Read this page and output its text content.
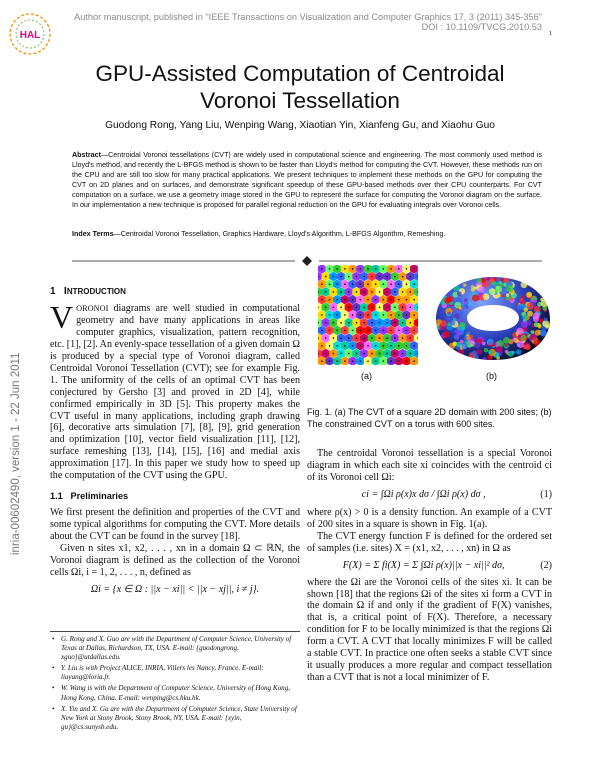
HAL
Author manuscript, published in "IEEE Transactions on Visualization and Computer Graphics 17, 3 (2011) 345-356"
DOI : 10.1109/TVCG.2010.53
1
GPU-Assisted Computation of Centroidal
Voronoi Tessellation
Guodong Rong, Yang Liu, Wenping Wang, Xiaotian Yin, Xianfeng Gu, and Xiaohu Guo
Abstract—Centroidal Voronoi tessellations (CVT) are widely used in computational science and engineering. The most commonly used method is Lloyd's method, and recently the L-BFGS method is shown to be faster than Lloyd's method for computing the CVT. However, these methods run on the CPU and are still too slow for many practical applications. We present techniques to implement these methods on the GPU for computing the CVT on 2D planes and on surfaces, and demonstrate significant speedup of these GPU-based methods over their CPU counterparts. For CVT computation on a surface, we use a geometry image stored in the GPU to represent the surface for computing the Voronoi diagram on the surface. In our implementation a new technique is proposed for parallel regional reduction on the GPU for evaluating integrals over Voronoi cells.
Index Terms—Centroidal Voronoi Tessellation, Graphics Hardware, Lloyd's Algorithm, L-BFGS Algorithm, Remeshing.
inria-00602490, version 1 - 22 Jun 2011
1 INTRODUCTION

VORONOI diagrams are well studied in computational geometry and have many applications in areas like computer graphics, visualization, pattern recognition, etc. [1], [2]. An evenly-space tessellation of a given domain Ω is produced by a special type of Voronoi diagram, called Centroidal Voronoi Tessellation (CVT); see for example Fig. 1. The uniformity of the cells of an optimal CVT has been conjectured by Gersho [3] and proved in 2D [4], while confirmed empirically in 3D [5]. This property makes the CVT useful in many applications, including graph drawing [6], decorative arts simulation [7], [8], [9], grid generation and optimization [10], vector field visualization [11], [12], surface remeshing [13], [14], [15], [16] and medial axis approximation [17]. In this paper we study how to speed up the computation of the CVT using the GPU.

1.1 Preliminaries

We first present the definition and properties of the CVT and some typical algorithms for computing the CVT. More details about the CVT can be found in the survey [18].

Given n sites x1, x2, . . . , xn in a domain Ω ⊂ ℝN, the Voronoi diagram is defined as the collection of the Voronoi cells Ωi, i = 1, 2, . . . , n, defined as

Ωi = {x ∈ Ω : ||x − xi|| < ||x − xj||, i ≠ j}.
• G. Rong and X. Guo are with the Department of Computer Science, University of Texas at Dallas, Richardson, TX, USA. E-mail: {guodongrong, xguo}@utdallas.edu.
• Y. Liu is with Project ALICE, INRIA, Villers les Nancy, France. E-mail: liuyang@loria.fr.
• W. Wang is with the Department of Computer Science, University of Hong Kong, Hong Kong, China. E-mail: wenping@cs.hku.hk.
• X. Yin and X. Gu are with the Department of Computer Science, State University of New York at Stony Brook, Stony Brook, NY, USA. E-mail: {xyin, gu}@cs.sunysb.edu.
(a)	(b)
Fig. 1. (a) The CVT of a square 2D domain with 200 sites; (b) The constrained CVT on a torus with 600 sites.

The centroidal Voronoi tessellation is a special Voronoi diagram in which each site xi coincides with the centroid ci of its Voronoi cell Ωi:

(1)
ci = ∫Ωi ρ(x)x dσ / ∫Ωi ρ(x) dσ ,

where ρ(x) > 0 is a density function. An example of a CVT of 200 sites in a square is shown in Fig. 1(a).

The CVT energy function F is defined for the ordered set of samples (i.e. sites) X = (x1, x2, . . . , xn) in Ω as

(2)
F(X) = Σ fi(X) = Σ ∫Ωi ρ(x)||x − xi||² dσ,

where the Ωi are the Voronoi cells of the sites xi. It can be shown [18] that the regions Ωi of the sites xi form a CVT in the domain Ω if and only if the gradient of F(X) vanishes, that is, a critical point of F(X). Therefore, a necessary condition for F to be locally minimized is that the regions Ωi form a CVT. A CVT that locally minimizes F will be called a stable CVT. In practice one often seeks a stable CVT since it usually produces a more regular and compact tessellation than a CVT that is not a local minimizer of F.
